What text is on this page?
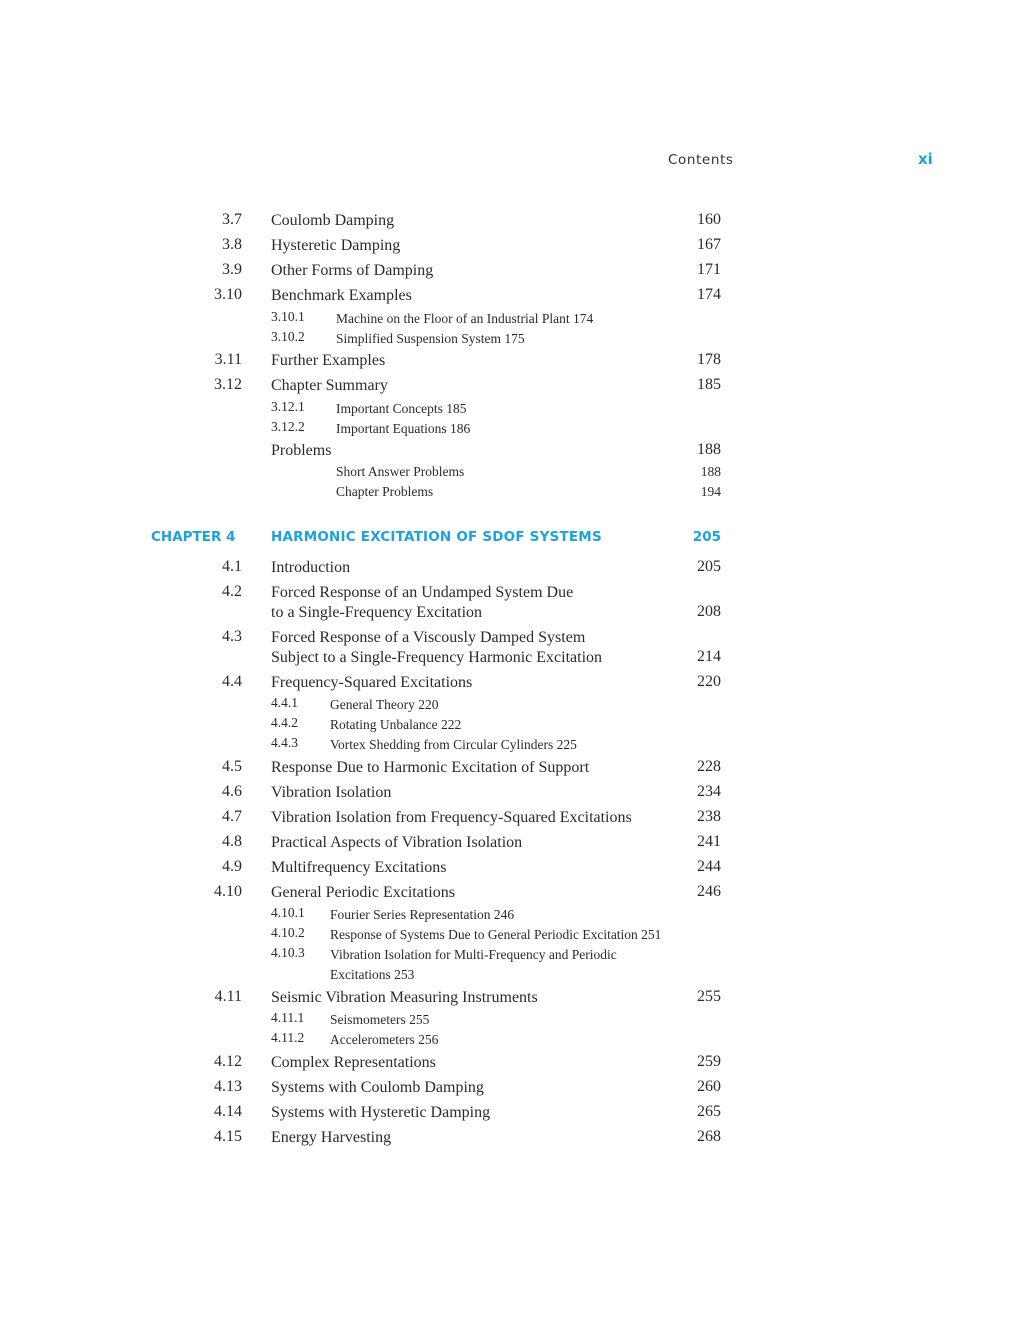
Contents	xi
3.7 Coulomb Damping	160
3.8 Hysteretic Damping	167
3.9 Other Forms of Damping	171
3.10 Benchmark Examples	174
3.10.1 Machine on the Floor of an Industrial Plant 174
3.10.2 Simplified Suspension System 175
3.11 Further Examples	178
3.12 Chapter Summary	185
3.12.1 Important Concepts 185
3.12.2 Important Equations 186
Problems	188
Short Answer Problems	188
Chapter Problems	194
CHAPTER 4	HARMONIC EXCITATION OF SDOF SYSTEMS	205
4.1 Introduction	205
4.2 Forced Response of an Undamped System Due
to a Single-Frequency Excitation	208
4.3 Forced Response of a Viscously Damped System
Subject to a Single-Frequency Harmonic Excitation	214
4.4 Frequency-Squared Excitations	220
4.4.1 General Theory 220
4.4.2 Rotating Unbalance 222
4.4.3 Vortex Shedding from Circular Cylinders 225
4.5 Response Due to Harmonic Excitation of Support	228
4.6 Vibration Isolation	234
4.7 Vibration Isolation from Frequency-Squared Excitations	238
4.8 Practical Aspects of Vibration Isolation	241
4.9 Multifrequency Excitations	244
4.10 General Periodic Excitations	246
4.10.1 Fourier Series Representation 246
4.10.2 Response of Systems Due to General Periodic Excitation 251
4.10.3 Vibration Isolation for Multi-Frequency and Periodic
Excitations 253
4.11 Seismic Vibration Measuring Instruments	255
4.11.1 Seismometers 255
4.11.2 Accelerometers 256
4.12 Complex Representations	259
4.13 Systems with Coulomb Damping	260
4.14 Systems with Hysteretic Damping	265
4.15 Energy Harvesting	268
